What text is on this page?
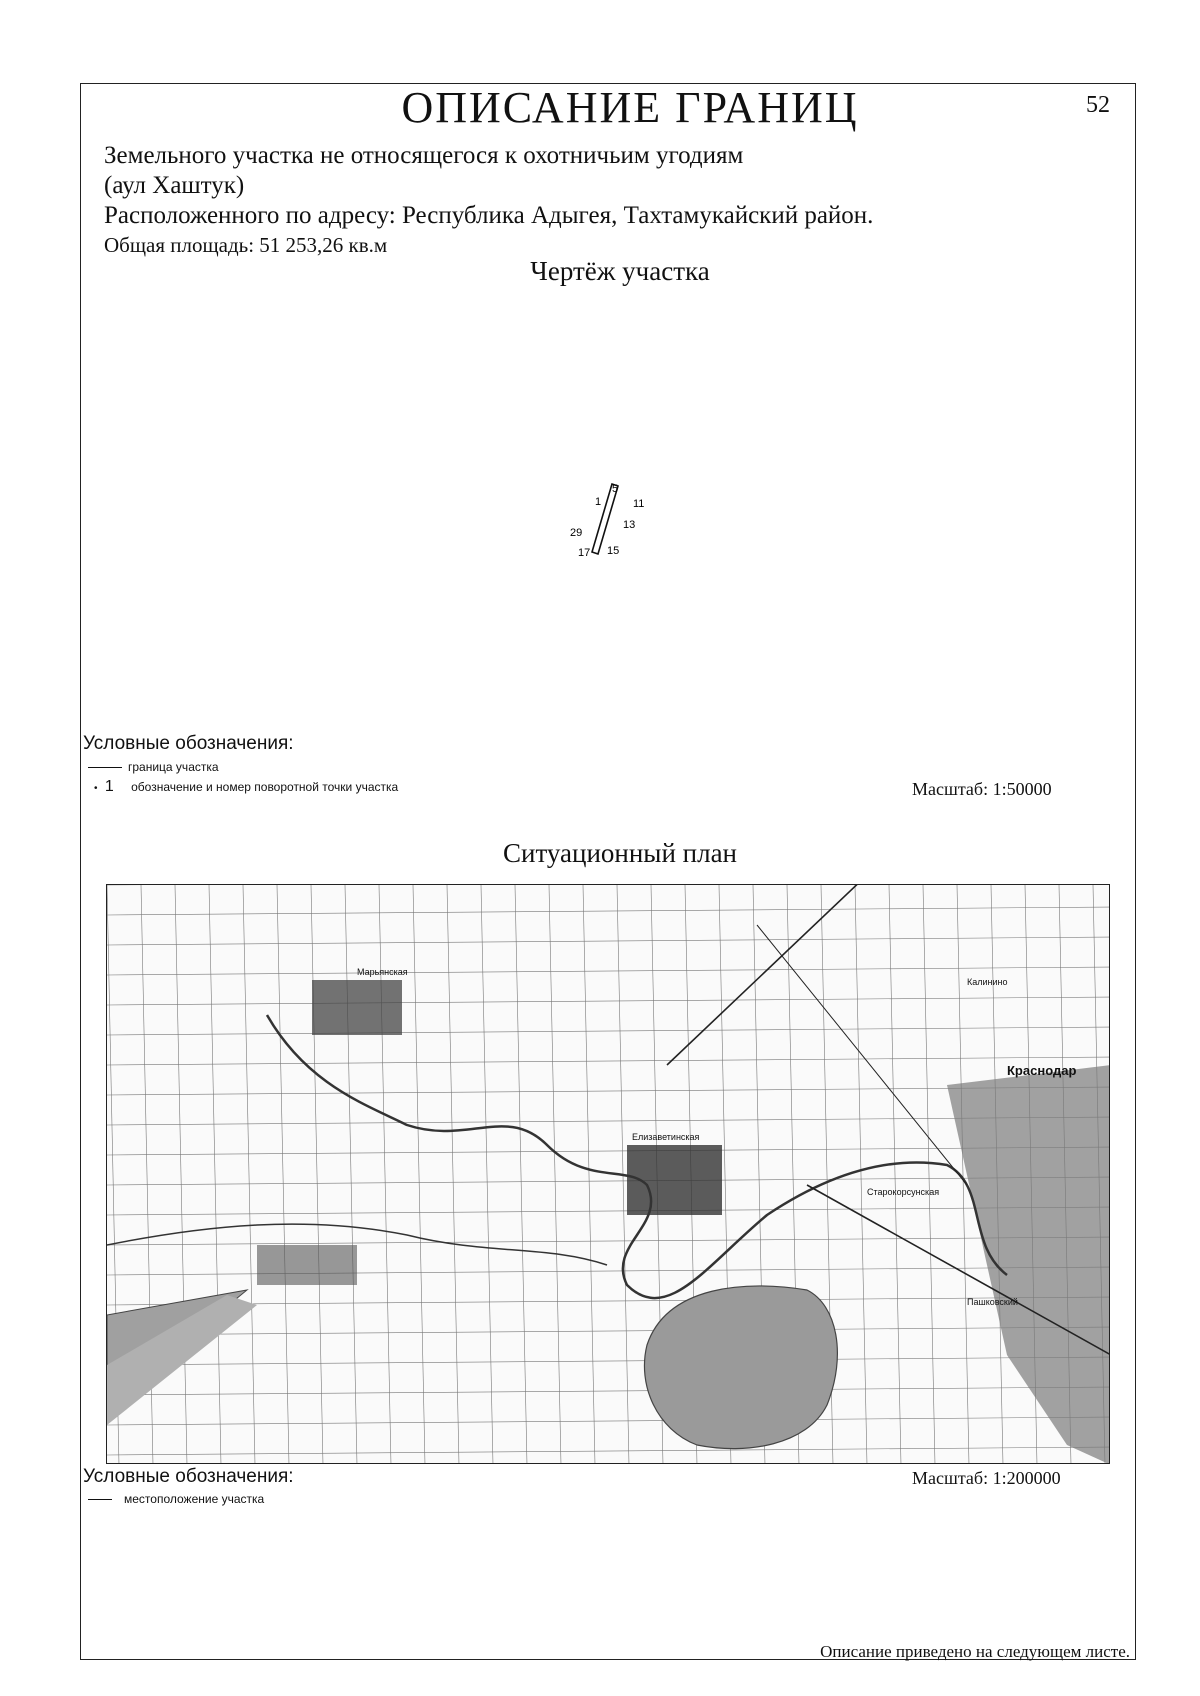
ОПИСАНИЕ ГРАНИЦ	52
Земельного участка не относящегося к охотничьим угодиям
(аул Хаштук)
Расположенного по адресу: Республика Адыгея, Тахтамукайский район.
Общая площадь: 51 253,26 кв.м
Чертёж участка
5
1	11
13
29
17 15
Условные обозначения:
граница участка
• 1 обозначение и номер поворотной точки участка	Масштаб: 1:50000
Ситуационный план
Краснодар
Елизаветинская
Марьянская
Старокорсунская
Калинино
Пашковский
Условные обозначения:
местоположение участка
Масштаб: 1:200000
Описание приведено на следующем листе.
